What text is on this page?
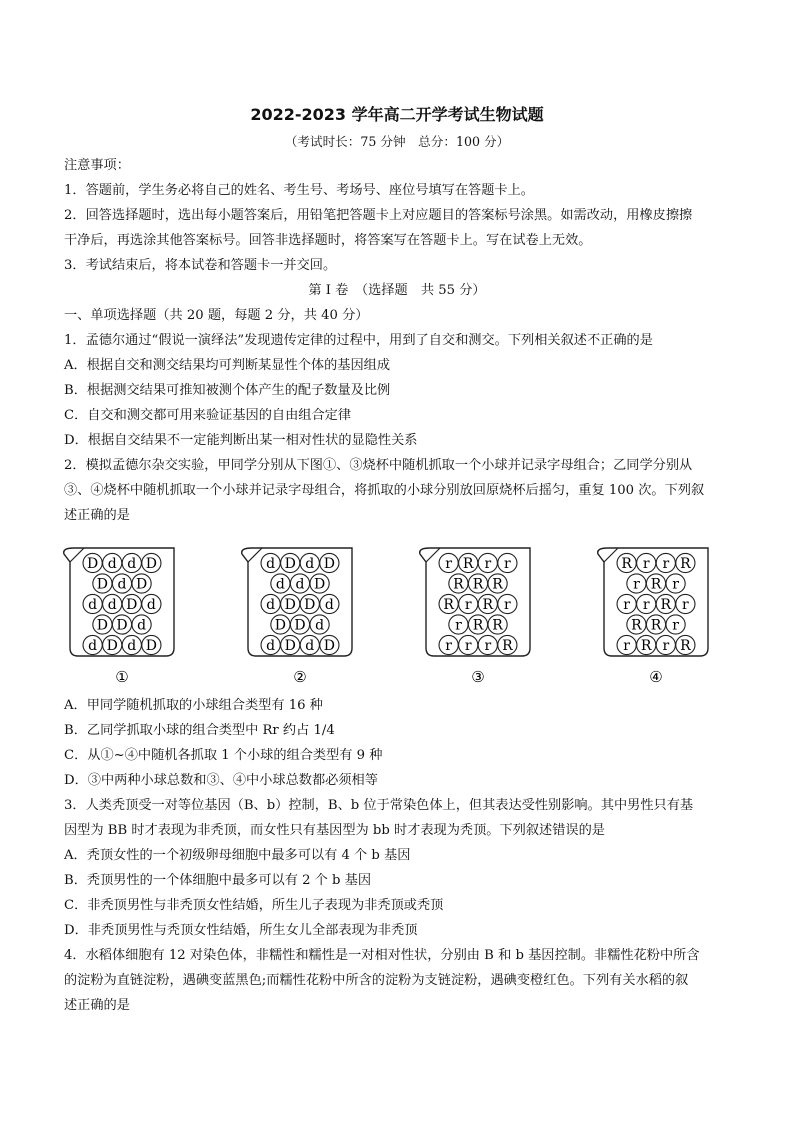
2022-2023 学年高二开学考试生物试题
（考试时长：75 分钟　总分：100 分）
注意事项：
1．答题前，学生务必将自己的姓名、考生号、考场号、座位号填写在答题卡上。
2．回答选择题时，选出每小题答案后，用铅笔把答题卡上对应题目的答案标号涂黑。如需改动，用橡皮擦擦
干净后，再选涂其他答案标号。回答非选择题时，将答案写在答题卡上。写在试卷上无效。
3．考试结束后，将本试卷和答题卡一并交回。
第 I 卷　（选择题　共 55 分）
一、单项选择题（共 20 题，每题 2 分，共 40 分）
1．孟德尔通过“假说一演绎法”发现遗传定律的过程中，用到了自交和测交。下列相关叙述不正确的是
A．根据自交和测交结果均可判断某显性个体的基因组成
B．根据测交结果可推知被测个体产生的配子数量及比例
C．自交和测交都可用来验证基因的自由组合定律
D．根据自交结果不一定能判断出某一相对性状的显隐性关系
2．模拟孟德尔杂交实验，甲同学分别从下图①、③烧杯中随机抓取一个小球并记录字母组合；乙同学分别从
③、④烧杯中随机抓取一个小球并记录字母组合，将抓取的小球分别放回原烧杯后摇匀，重复 100 次。下列叙
述正确的是
D d d D
D d D
d d D d
D D d
d D d D
①
d D d D
d d D
d D D d
D D d
d D d D
②
r R r r
R R R
R r R r
r R R
r r r R
③
R r r R
r R r
r r R r
R R r
r R r R
④
A．甲同学随机抓取的小球组合类型有 16 种
B．乙同学抓取小球的组合类型中 Rr 约占 1/4
C．从①~④中随机各抓取 1 个小球的组合类型有 9 种
D．③中两种小球总数和③、④中小球总数都必须相等
3．人类秃顶受一对等位基因（B、b）控制，B、b 位于常染色体上，但其表达受性别影响。其中男性只有基
因型为 BB 时才表现为非秃顶，而女性只有基因型为 bb 时才表现为秃顶。下列叙述错误的是
A．秃顶女性的一个初级卵母细胞中最多可以有 4 个 b 基因
B．秃顶男性的一个体细胞中最多可以有 2 个 b 基因
C．非秃顶男性与非秃顶女性结婚，所生儿子表现为非秃顶或秃顶
D．非秃顶男性与秃顶女性结婚，所生女儿全部表现为非秃顶
4．水稻体细胞有 12 对染色体，非糯性和糯性是一对相对性状，分别由 B 和 b 基因控制。非糯性花粉中所含
的淀粉为直链淀粉，遇碘变蓝黑色;而糯性花粉中所含的淀粉为支链淀粉，遇碘变橙红色。下列有关水稻的叙
述正确的是
